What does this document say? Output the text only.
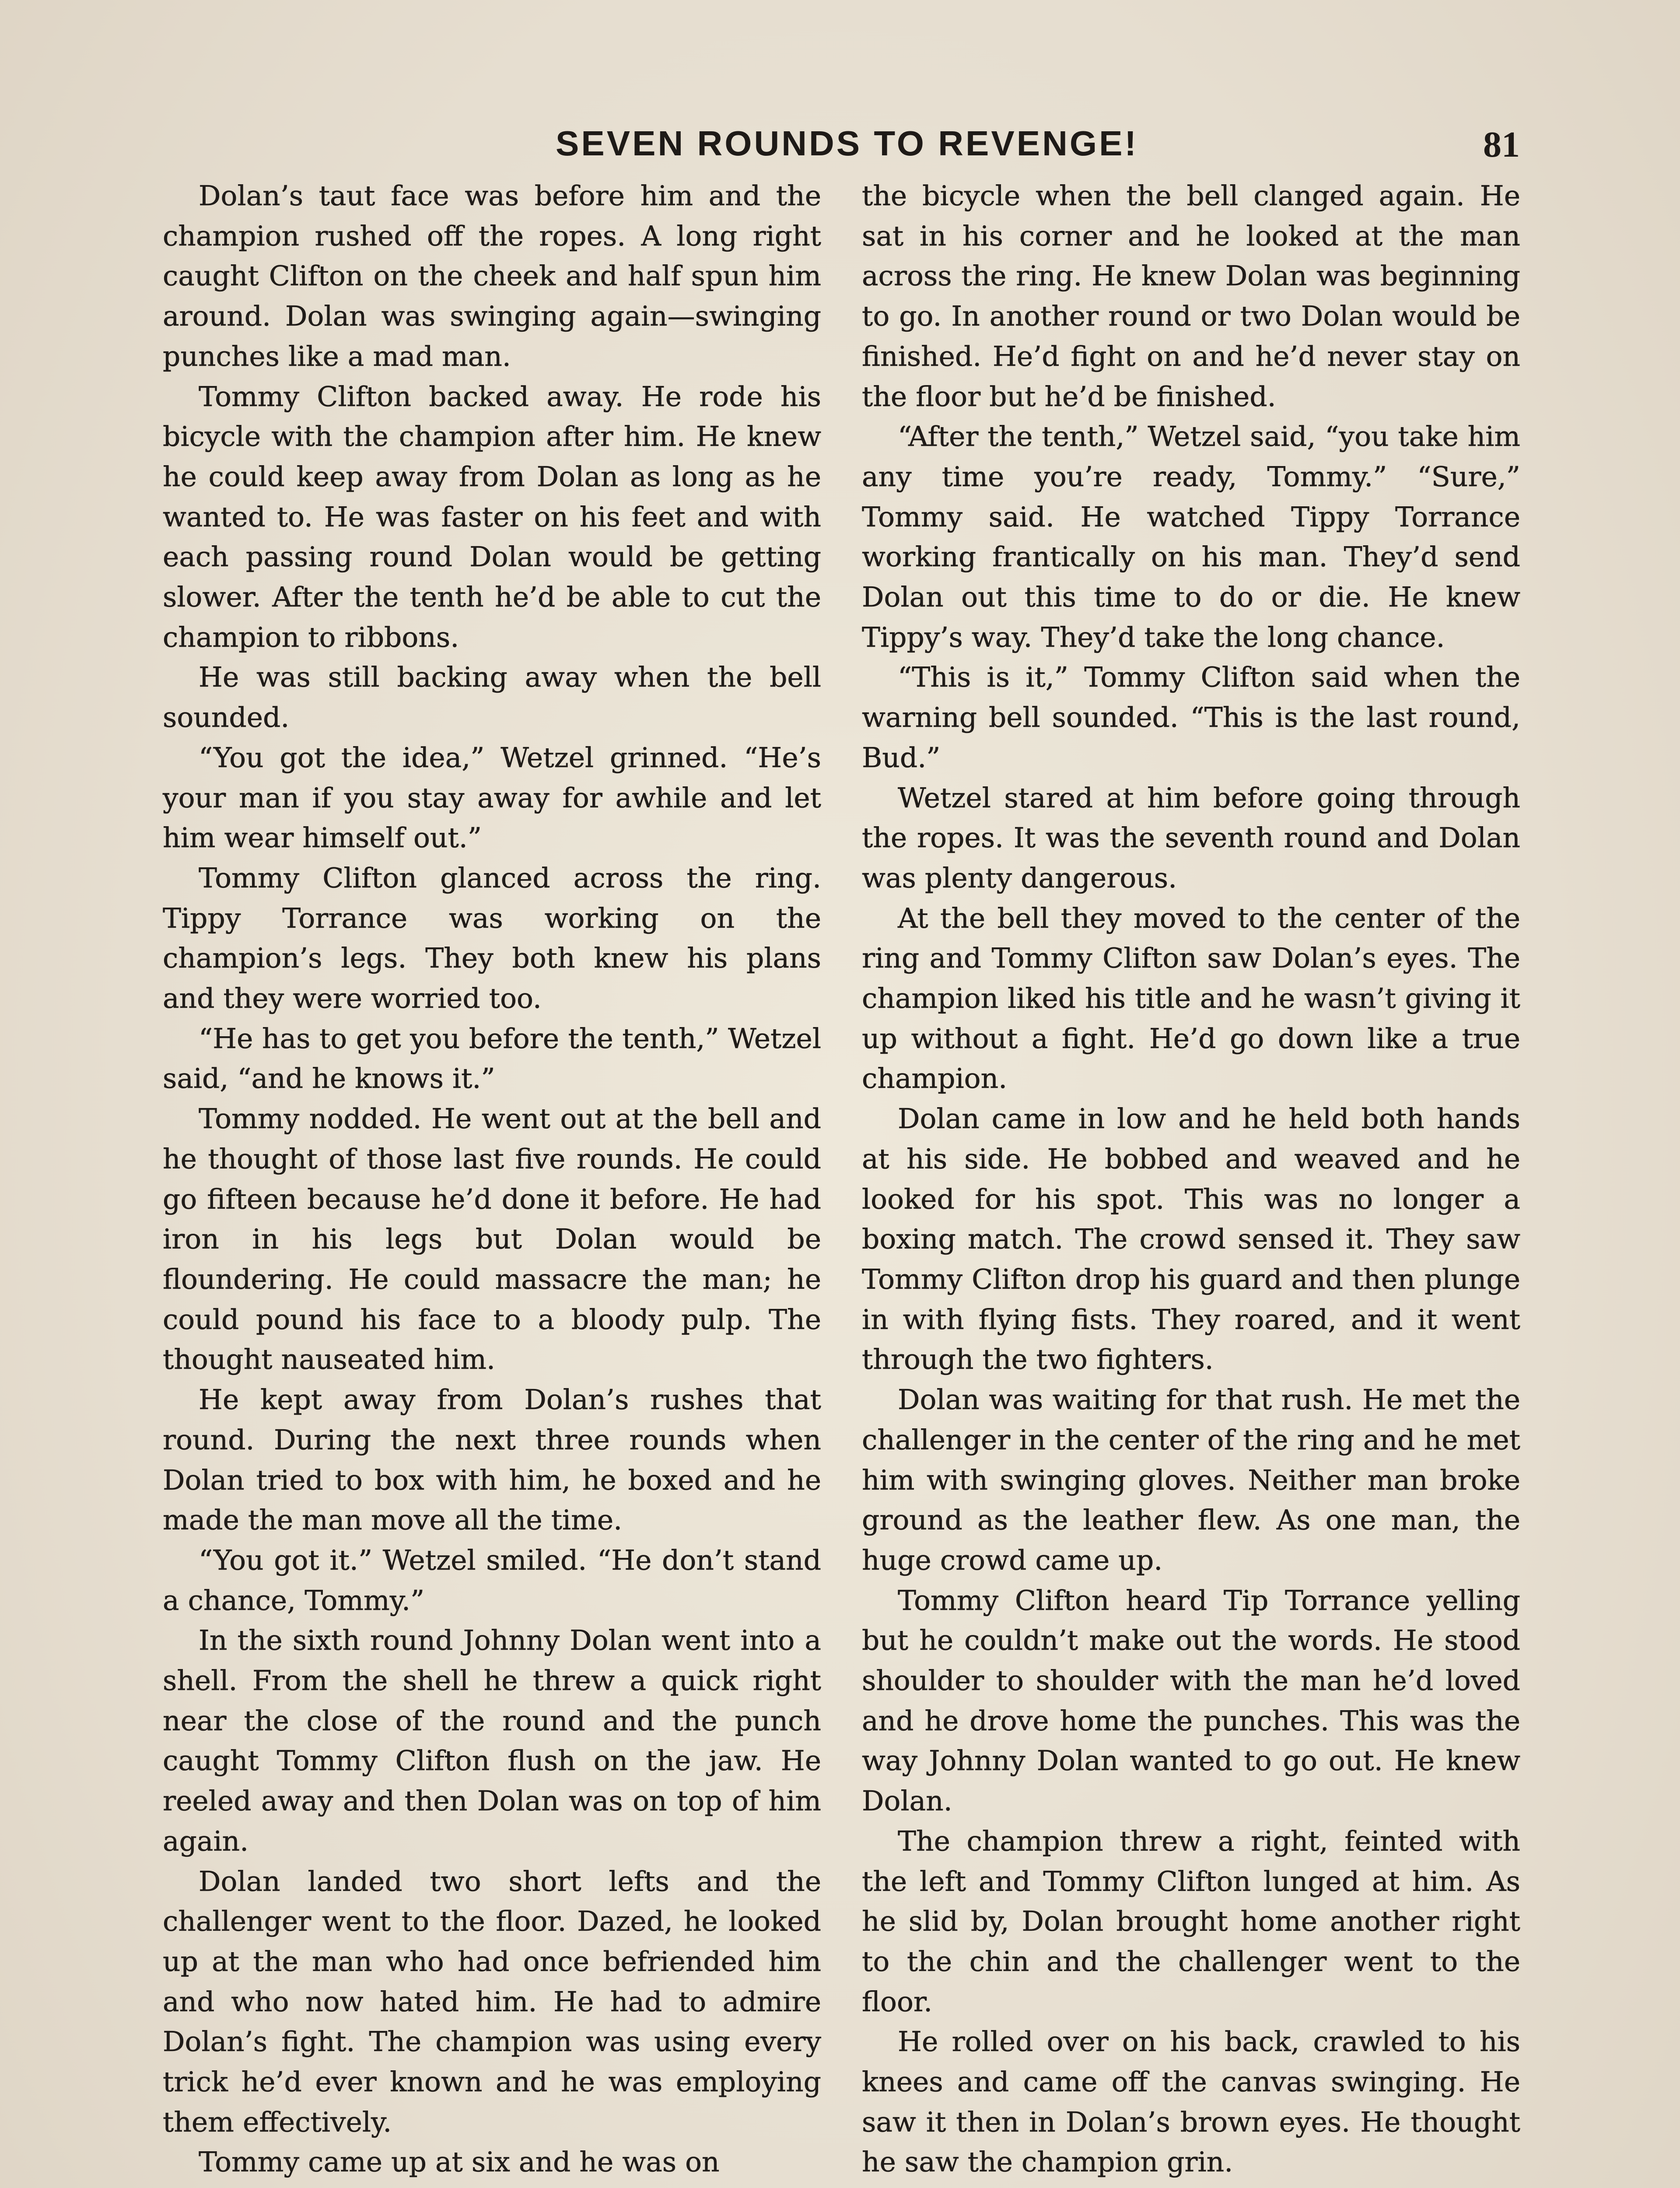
SEVEN ROUNDS TO REVENGE!	81

Dolan’s taut face was before him and the champion rushed off the ropes. A long right caught Clifton on the cheek and half spun him around. Dolan was swinging again—swinging punches like a mad man.

Tommy Clifton backed away. He rode his bicycle with the champion after him. He knew he could keep away from Dolan as long as he wanted to. He was faster on his feet and with each passing round Dolan would be getting slower. After the tenth he’d be able to cut the champion to ribbons.

He was still backing away when the bell sounded.

“You got the idea,” Wetzel grinned. “He’s your man if you stay away for awhile and let him wear himself out.”

Tommy Clifton glanced across the ring. Tippy Torrance was working on the champion’s legs. They both knew his plans and they were worried too.

“He has to get you before the tenth,” Wetzel said, “and he knows it.”

Tommy nodded. He went out at the bell and he thought of those last five rounds. He could go fifteen because he’d done it before. He had iron in his legs but Dolan would be floundering. He could massacre the man; he could pound his face to a bloody pulp. The thought nauseated him.

He kept away from Dolan’s rushes that round. During the next three rounds when Dolan tried to box with him, he boxed and he made the man move all the time.

“You got it.” Wetzel smiled. “He don’t stand a chance, Tommy.”

In the sixth round Johnny Dolan went into a shell. From the shell he threw a quick right near the close of the round and the punch caught Tommy Clifton flush on the jaw. He reeled away and then Dolan was on top of him again.

Dolan landed two short lefts and the challenger went to the floor. Dazed, he looked up at the man who had once befriended him and who now hated him. He had to admire Dolan’s fight. The champion was using every trick he’d ever known and he was employing them effectively.

Tommy came up at six and he was on

the bicycle when the bell clanged again. He sat in his corner and he looked at the man across the ring. He knew Dolan was beginning to go. In another round or two Dolan would be finished. He’d fight on and he’d never stay on the floor but he’d be finished.

“After the tenth,” Wetzel said, “you take him any time you’re ready, Tommy.” “Sure,” Tommy said. He watched Tippy Torrance working frantically on his man. They’d send Dolan out this time to do or die. He knew Tippy’s way. They’d take the long chance.

“This is it,” Tommy Clifton said when the warning bell sounded. “This is the last round, Bud.”

Wetzel stared at him before going through the ropes. It was the seventh round and Dolan was plenty dangerous.

At the bell they moved to the center of the ring and Tommy Clifton saw Dolan’s eyes. The champion liked his title and he wasn’t giving it up without a fight. He’d go down like a true champion.

Dolan came in low and he held both hands at his side. He bobbed and weaved and he looked for his spot. This was no longer a boxing match. The crowd sensed it. They saw Tommy Clifton drop his guard and then plunge in with flying fists. They roared, and it went through the two fighters.

Dolan was waiting for that rush. He met the challenger in the center of the ring and he met him with swinging gloves. Neither man broke ground as the leather flew. As one man, the huge crowd came up.

Tommy Clifton heard Tip Torrance yelling but he couldn’t make out the words. He stood shoulder to shoulder with the man he’d loved and he drove home the punches. This was the way Johnny Dolan wanted to go out. He knew Dolan.

The champion threw a right, feinted with the left and Tommy Clifton lunged at him. As he slid by, Dolan brought home another right to the chin and the challenger went to the floor.

He rolled over on his back, crawled to his knees and came off the canvas swinging. He saw it then in Dolan’s brown eyes. He thought he saw the champion grin.
